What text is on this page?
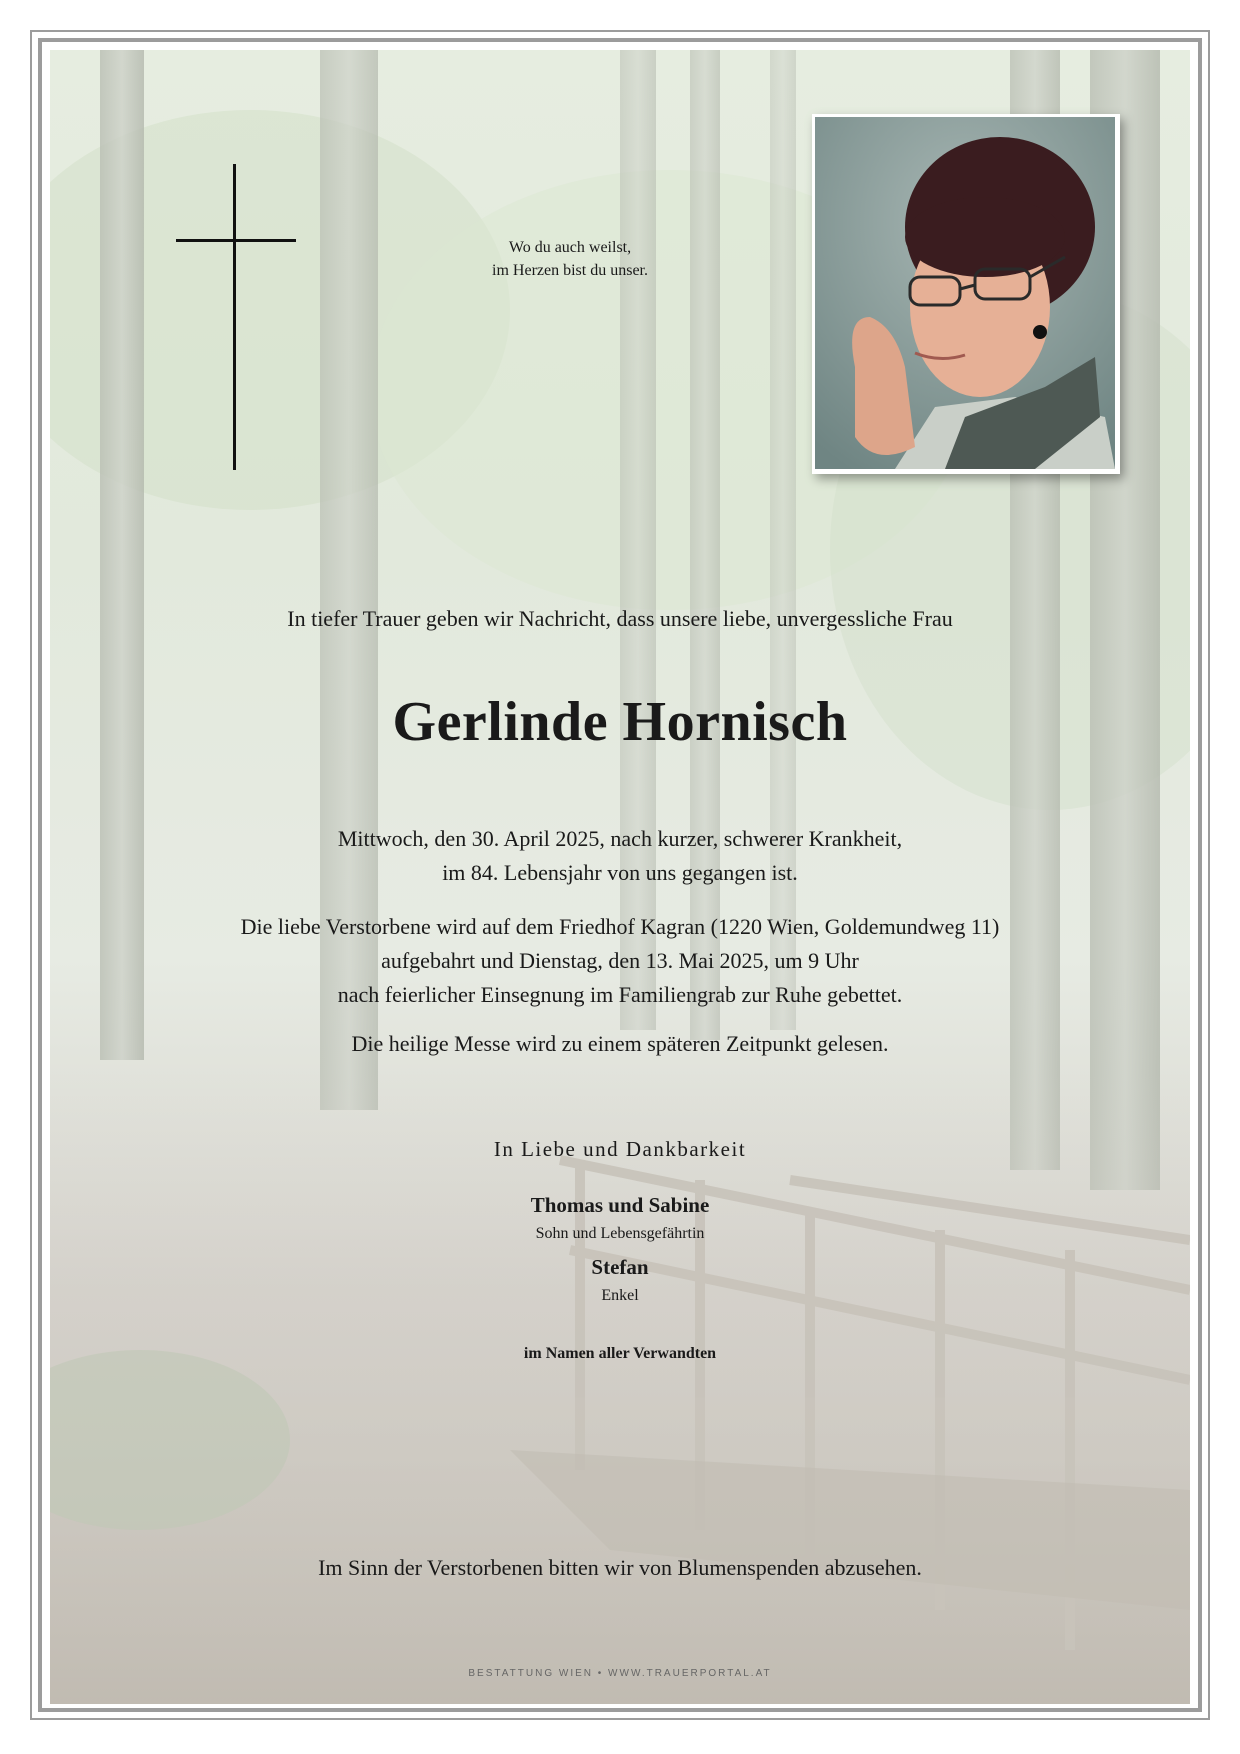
Wo du auch weilst,
im Herzen bist du unser.
In tiefer Trauer geben wir Nachricht, dass unsere liebe, unvergessliche Frau
Gerlinde Hornisch
Mittwoch, den 30. April 2025, nach kurzer, schwerer Krankheit,
im 84. Lebensjahr von uns gegangen ist.
Die liebe Verstorbene wird auf dem Friedhof Kagran (1220 Wien, Goldemundweg 11)
aufgebahrt und Dienstag, den 13. Mai 2025, um 9 Uhr
nach feierlicher Einsegnung im Familiengrab zur Ruhe gebettet.
Die heilige Messe wird zu einem späteren Zeitpunkt gelesen.
In Liebe und Dankbarkeit
Thomas und Sabine
Sohn und Lebensgefährtin
Stefan
Enkel
im Namen aller Verwandten
Im Sinn der Verstorbenen bitten wir von Blumenspenden abzusehen.
BESTATTUNG WIEN • WWW.TRAUERPORTAL.AT
